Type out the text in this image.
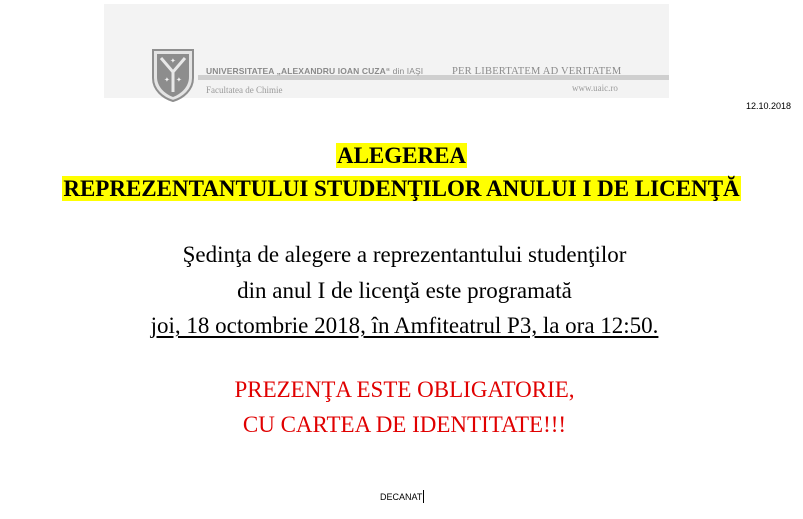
✦ ✦
✦
UNIVERSITATEA „ALEXANDRU IOAN CUZA“ din IAŞI	PER LIBERTATEM AD VERITATEM
Facultatea de Chimie	www.uaic.ro
12.10.2018
ALEGEREA
REPREZENTANTULUI STUDENŢILOR ANULUI I DE LICENŢĂ
Şedinţa de alegere a reprezentantului studenţilor
din anul I de licenţă este programată
joi, 18 octombrie 2018, în Amfiteatrul P3, la ora 12:50.
PREZENŢA ESTE OBLIGATORIE,
CU CARTEA DE IDENTITATE!!!
DECANAT
